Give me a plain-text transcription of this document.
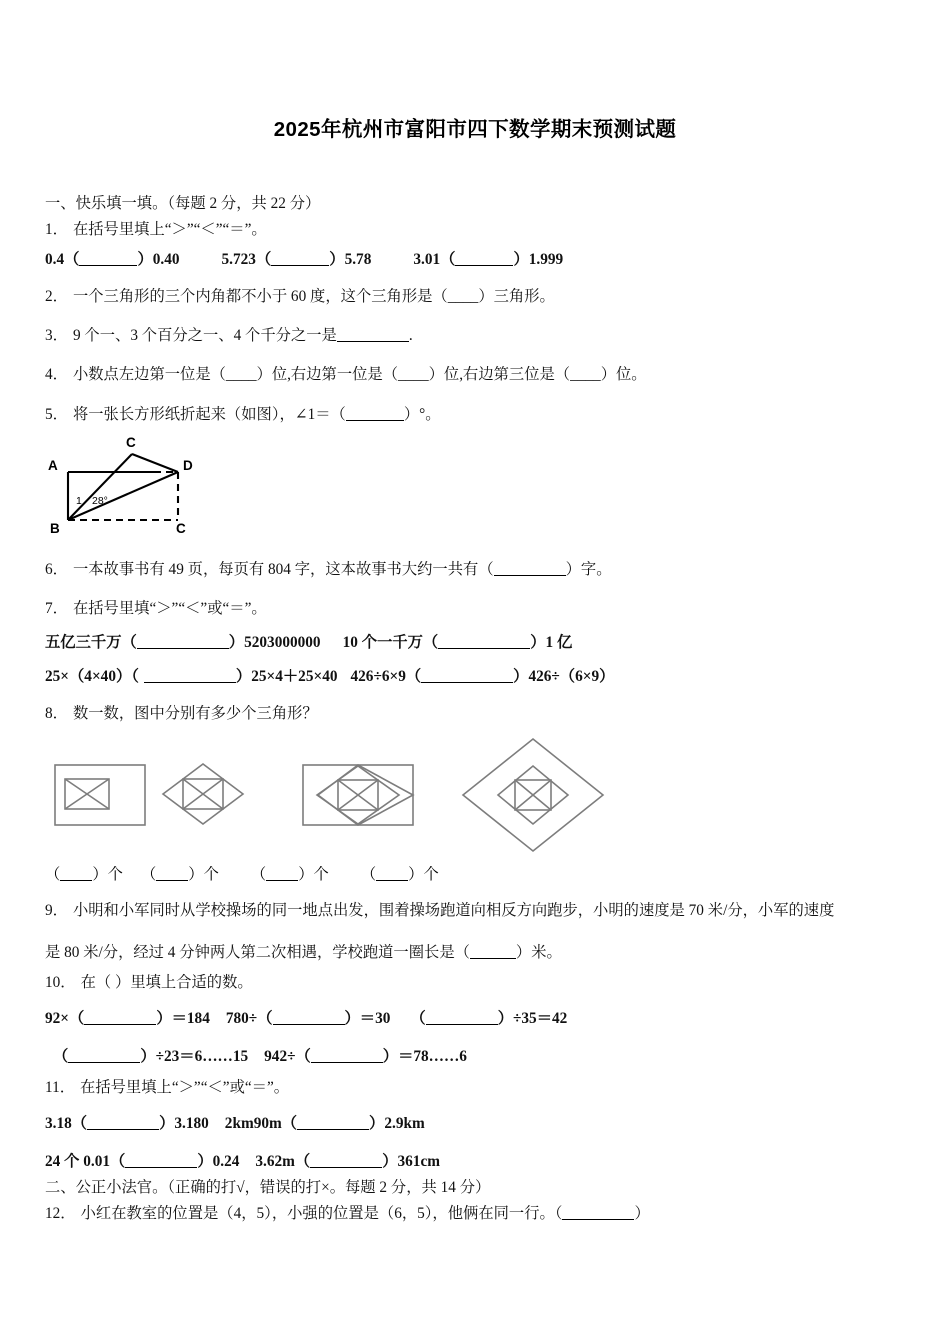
2025年杭州市富阳市四下数学期末预测试题
一、快乐填一填。（每题 2 分，共 22 分）
1． 在括号里填上“＞”“＜”“＝”。
0.4（	）0.40	5.723（	）5.78	3.01（	）1.999
2． 一个三角形的三个内角都不小于 60 度，这个三角形是（____）三角形。
3． 9 个一、3 个百分之一、4 个千分之一是	.
4． 小数点左边第一位是（____）位,右边第一位是（____）位,右边第三位是（____）位。
5． 将一张长方形纸折起来（如图），∠1＝（	）°。
A
B
C
D
C
1 28°
6． 一本故事书有 49 页，每页有 804 字，这本故事书大约一共有（	）字。
7． 在括号里填“＞”“＜”或“＝”。
五亿三千万（	）5203000000 10 个一千万（	）1 亿
25×（4×40）（	）25×4＋25×40 426÷6×9（	）426÷（6×9）
8． 数一数，图中分别有多少个三角形？
（ ）个 （ ）个 （ ）个 （ ）个
9． 小明和小军同时从学校操场的同一地点出发，围着操场跑道向相反方向跑步，小明的速度是 70 米/分，小军的速度
是 80 米/分，经过 4 分钟两人第二次相遇，学校跑道一圈长是（	）米。
10． 在（ ）里填上合适的数。
92×（	）＝184 780÷（	）＝30 （	）÷35＝42
（	）÷23＝6……15 942÷（	）＝78……6
11． 在括号里填上“＞”“＜”或“＝”。
3.18（	）3.180 2km90m（	）2.9km
24 个 0.01（	）0.24 3.62m（	）361cm
二、公正小法官。（正确的打√，错误的打×。每题 2 分，共 14 分）
12． 小红在教室的位置是（4，5），小强的位置是（6，5），他俩在同一行。（	）
